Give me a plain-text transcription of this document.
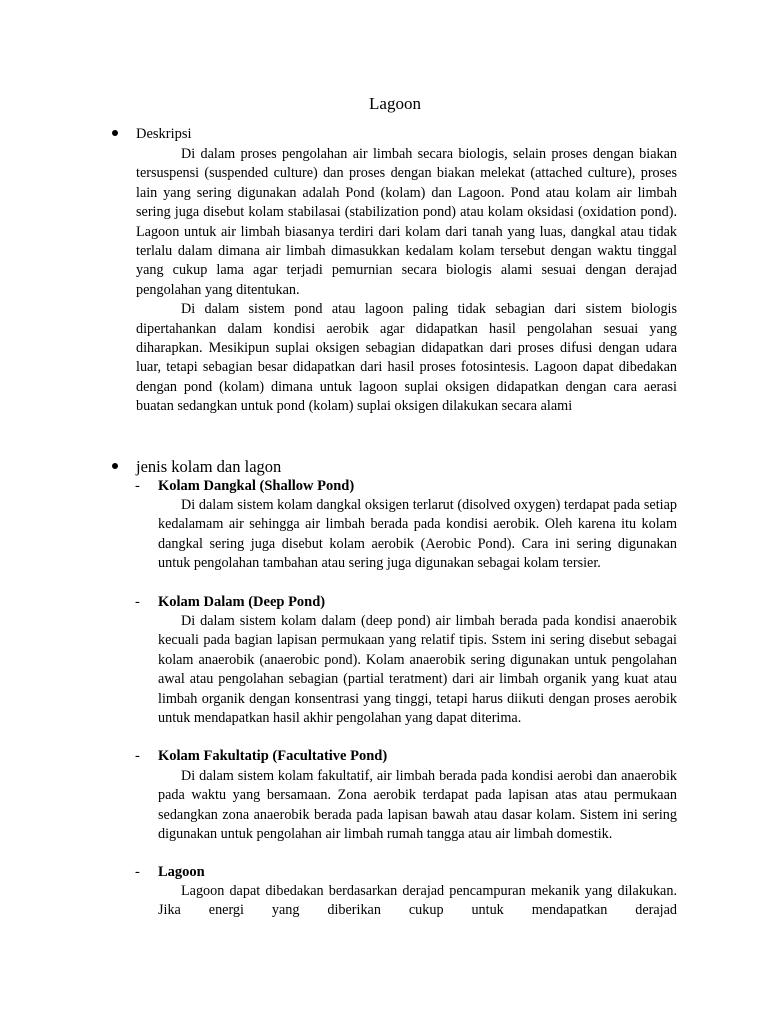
Lagoon
Deskripsi

Di dalam proses pengolahan air limbah secara biologis, selain proses dengan biakan tersuspensi (suspended culture) dan proses dengan biakan melekat (attached culture), proses lain yang sering digunakan adalah Pond (kolam) dan Lagoon. Pond atau kolam air limbah sering juga disebut kolam stabilasai (stabilization pond) atau kolam oksidasi (oxidation pond). Lagoon untuk air limbah biasanya terdiri dari kolam dari tanah yang luas, dangkal atau tidak terlalu dalam dimana air limbah dimasukkan kedalam kolam tersebut dengan waktu tinggal yang cukup lama agar terjadi pemurnian secara biologis alami sesuai dengan derajad pengolahan yang ditentukan.

Di dalam sistem pond atau lagoon paling tidak sebagian dari sistem biologis dipertahankan dalam kondisi aerobik agar didapatkan hasil pengolahan sesuai yang diharapkan. Mesikipun suplai oksigen sebagian didapatkan dari proses difusi dengan udara luar, tetapi sebagian besar didapatkan dari hasil proses fotosintesis. Lagoon dapat dibedakan dengan pond (kolam) dimana untuk lagoon suplai oksigen didapatkan dengan cara aerasi buatan sedangkan untuk pond (kolam) suplai oksigen dilakukan secara alami

jenis kolam dan lagon
- Kolam Dangkal (Shallow Pond)

Di dalam sistem kolam dangkal oksigen terlarut (disolved oxygen) terdapat pada setiap kedalamam air sehingga air limbah berada pada kondisi aerobik. Oleh karena itu kolam dangkal sering juga disebut kolam aerobik (Aerobic Pond). Cara ini sering digunakan untuk pengolahan tambahan atau sering juga digunakan sebagai kolam tersier.

- Kolam Dalam (Deep Pond)

Di dalam sistem kolam dalam (deep pond) air limbah berada pada kondisi anaerobik kecuali pada bagian lapisan permukaan yang relatif tipis. Sstem ini sering disebut sebagai kolam anaerobik (anaerobic pond). Kolam anaerobik sering digunakan untuk pengolahan awal atau pengolahan sebagian (partial teratment) dari air limbah organik yang kuat atau limbah organik dengan konsentrasi yang tinggi, tetapi harus diikuti dengan proses aerobik untuk mendapatkan hasil akhir pengolahan yang dapat diterima.

- Kolam Fakultatip (Facultative Pond)

Di dalam sistem kolam fakultatif, air limbah berada pada kondisi aerobi dan anaerobik pada waktu yang bersamaan. Zona aerobik terdapat pada lapisan atas atau permukaan sedangkan zona anaerobik berada pada lapisan bawah atau dasar kolam. Sistem ini sering digunakan untuk pengolahan air limbah rumah tangga atau air limbah domestik.

- Lagoon

Lagoon dapat dibedakan berdasarkan derajad pencampuran mekanik yang dilakukan. Jika energi yang diberikan cukup untuk mendapatkan derajad
